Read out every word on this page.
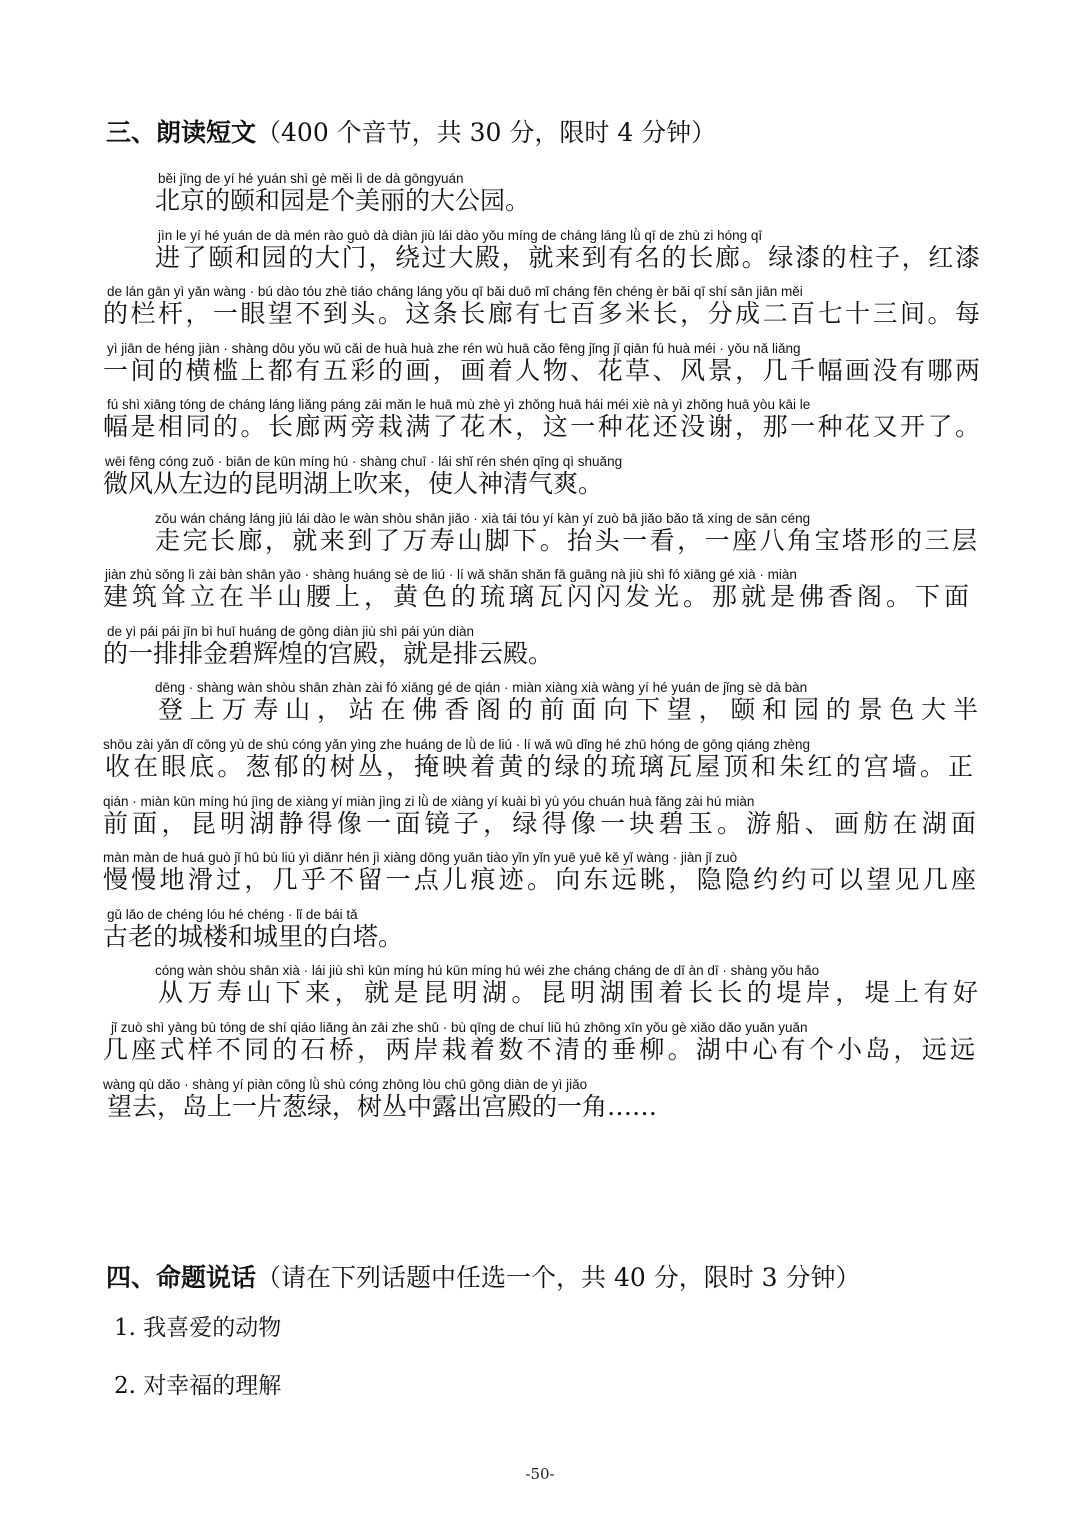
三、朗读短文（400 个音节，共 30 分，限时 4 分钟）
běi jīng de yí hé yuán shì gè měi lì de dà gōngyuán
北京的颐和园是个美丽的大公园。
jìn le yí hé yuán de dà mén rào guò dà diàn jiù lái dào yǒu míng de cháng láng lǜ qī de zhù zi hóng qī
进了颐和园的大门，绕过大殿，就来到有名的长廊。绿漆的柱子，红漆
de lán gān yì yǎn wàng · bú dào tóu zhè tiáo cháng láng yǒu qī bǎi duō mǐ cháng fēn chéng èr bǎi qī shí sān jiān měi
的栏杆，一眼望不到头。这条长廊有七百多米长，分成二百七十三间。每
yì jiān de héng jiàn · shàng dōu yǒu wǔ cǎi de huà huà zhe rén wù huā cǎo fēng jǐng jǐ qiān fú huà méi · yǒu nǎ liǎng
一间的横槛上都有五彩的画，画着人物、花草、风景，几千幅画没有哪两
fú shì xiāng tóng de cháng láng liǎng páng zāi mǎn le huā mù zhè yì zhǒng huā hái méi xiè nà yì zhǒng huā yòu kāi le
幅是相同的。长廊两旁栽满了花木，这一种花还没谢，那一种花又开了。
wēi fēng cóng zuǒ · biān de kūn míng hú · shàng chuī · lái shǐ rén shén qīng qì shuǎng
微风从左边的昆明湖上吹来，使人神清气爽。
zǒu wán cháng láng jiù lái dào le wàn shòu shān jiǎo · xià tái tóu yí kàn yí zuò bā jiǎo bǎo tǎ xíng de sān céng
走完长廊，就来到了万寿山脚下。抬头一看，一座八角宝塔形的三层
jiàn zhù sǒng lì zài bàn shān yāo · shàng huáng sè de liú · lí wǎ shǎn shǎn fā guāng nà jiù shì fó xiāng gé xià · miàn
建筑耸立在半山腰上，黄色的琉璃瓦闪闪发光。那就是佛香阁。下面
de yì pái pái jīn bì huī huáng de gōng diàn jiù shì pái yún diàn
的一排排金碧辉煌的宫殿，就是排云殿。
dēng · shàng wàn shòu shān zhàn zài fó xiāng gé de qián · miàn xiàng xià wàng yí hé yuán de jǐng sè dà bàn
登上万寿山，站在佛香阁的前面向下望，颐和园的景色大半
shōu zài yǎn dǐ cōng yù de shù cóng yǎn yìng zhe huáng de lǜ de liú · lí wǎ wū dǐng hé zhū hóng de gōng qiáng zhèng
收在眼底。葱郁的树丛，掩映着黄的绿的琉璃瓦屋顶和朱红的宫墙。正
qián · miàn kūn míng hú jìng de xiàng yí miàn jìng zi lǜ de xiàng yí kuài bì yù yóu chuán huà fǎng zài hú miàn
前面，昆明湖静得像一面镜子，绿得像一块碧玉。游船、画舫在湖面
màn màn de huá guò jǐ hū bù liú yì diǎnr hén jì xiàng dōng yuǎn tiào yǐn yǐn yuē yuē kě yǐ wàng · jiàn jǐ zuò
慢慢地滑过，几乎不留一点儿痕迹。向东远眺，隐隐约约可以望见几座
gǔ lǎo de chéng lóu hé chéng · lǐ de bái tǎ
古老的城楼和城里的白塔。
cóng wàn shòu shān xià · lái jiù shì kūn míng hú kūn míng hú wéi zhe cháng cháng de dī àn dī · shàng yǒu hǎo
从万寿山下来，就是昆明湖。昆明湖围着长长的堤岸，堤上有好
jǐ zuò shì yàng bù tóng de shí qiáo liǎng àn zāi zhe shǔ · bù qīng de chuí liǔ hú zhōng xīn yǒu gè xiǎo dǎo yuǎn yuǎn
几座式样不同的石桥，两岸栽着数不清的垂柳。湖中心有个小岛，远远
wàng qù dǎo · shàng yí piàn cōng lǜ shù cóng zhōng lòu chū gōng diàn de yì jiǎo
望去，岛上一片葱绿，树丛中露出宫殿的一角……
四、命题说话（请在下列话题中任选一个，共 40 分，限时 3 分钟）
1. 我喜爱的动物
2. 对幸福的理解
-50-
